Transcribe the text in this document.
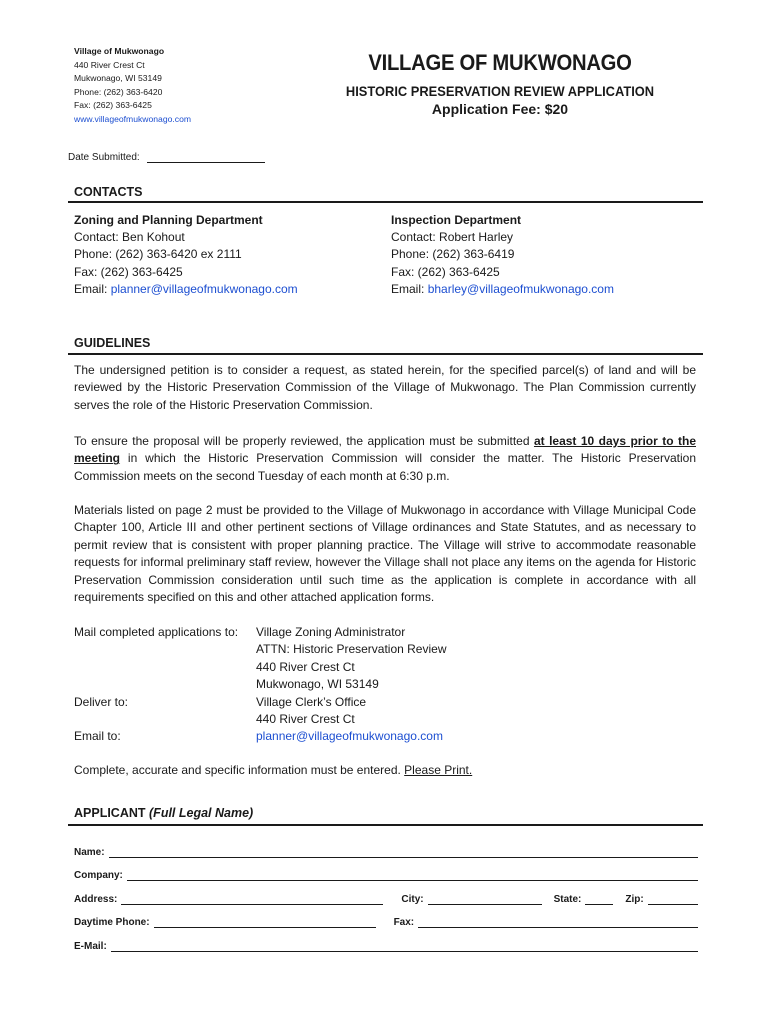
Village of Mukwonago
440 River Crest Ct
Mukwonago, WI 53149
Phone: (262) 363-6420
Fax: (262) 363-6425
www.villageofmukwonago.com
VILLAGE OF MUKWONAGO
HISTORIC PRESERVATION REVIEW APPLICATION
Application Fee: $20
Date Submitted:
CONTACTS
Zoning and Planning Department
Contact: Ben Kohout
Phone: (262) 363-6420 ex 2111
Fax: (262) 363-6425
Email: planner@villageofmukwonago.com
Inspection Department
Contact: Robert Harley
Phone: (262) 363-6419
Fax: (262) 363-6425
Email: bharley@villageofmukwonago.com
GUIDELINES
The undersigned petition is to consider a request, as stated herein, for the specified parcel(s) of land and will be reviewed by the Historic Preservation Commission of the Village of Mukwonago. The Plan Commission currently serves the role of the Historic Preservation Commission.
To ensure the proposal will be properly reviewed, the application must be submitted at least 10 days prior to the meeting in which the Historic Preservation Commission will consider the matter. The Historic Preservation Commission meets on the second Tuesday of each month at 6:30 p.m.
Materials listed on page 2 must be provided to the Village of Mukwonago in accordance with Village Municipal Code Chapter 100, Article III and other pertinent sections of Village ordinances and State Statutes, and as necessary to permit review that is consistent with proper planning practice. The Village will strive to accommodate reasonable requests for informal preliminary staff review, however the Village shall not place any items on the agenda for Historic Preservation Commission consideration until such time as the application is complete in accordance with all requirements specified on this and other attached application forms.
Mail completed applications to:	Village Zoning Administrator
ATTN: Historic Preservation Review
440 River Crest Ct
Mukwonago, WI 53149
Deliver to:	Village Clerk’s Office
440 River Crest Ct
Email to:	planner@villageofmukwonago.com
Complete, accurate and specific information must be entered. Please Print.
APPLICANT (Full Legal Name)
Name:
Company:
Address:	City:	State:	Zip:
Daytime Phone:	Fax:
E-Mail:
